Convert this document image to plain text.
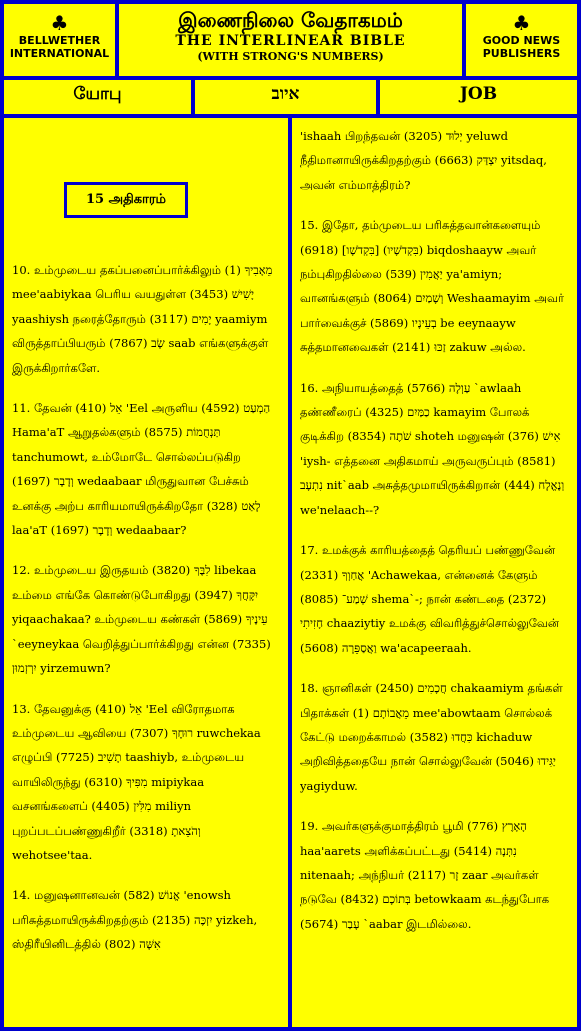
♣
BELLWETHER INTERNATIONAL
இணைநிலை வேதாகமம்
THE INTERLINEAR BIBLE
(WITH STRONG'S NUMBERS)
♣
GOOD NEWS PUBLISHERS
யோபு	איוב	JOB
15 அதிகாரம்
10. உம்முடைய தகப்பனைப்பார்க்கிலும் (1) מֵאָבִיךָ mee'aabiykaa பெரிய வயதுள்ள (3453) יָשִׁישׁ yaashiysh நரைத்தோரும் (3117) יָמִים yaamiym விருத்தாப்பியரும் (7867) שָׂב saab எங்களுக்குள் இருக்கிறார்களே.
11. தேவன் (410) אֵל 'Eel அருளிய (4592) הַמְעַט Hama'aT ஆறுதல்களும் (8575) תַּנְחֻמוֹת tanchumowt, உம்மோடே சொல்லப்படுகிற (1697) וְדָבָר wedaabaar மிருதுவான பேச்சும் உனக்கு அற்ப காரியமாயிருக்கிறதோ (328) לָאַט laa'aT (1697) וְדָבָר wedaabaar?
12. உம்முடைய இருதயம் (3820) לִבֶּךָ libekaa உம்மை எங்கே கொண்டுபோகிறது (3947) יִקָּחֲךָ yiqaachakaa? உம்முடைய கண்கள் (5869) עֵינֶיךָ `eeyneykaa வெறித்துப்பார்க்கிறது என்ன (7335) יִרְזְמוּן yirzemuwn?
13. தேவனுக்கு (410) אֵל 'Eel விரோதமாக உம்முடைய ஆவியை (7307) רוּחֶךָ ruwchekaa எழுப்பி (7725) תָשִׁיב taashiyb, உம்முடைய வாயிலிருந்து (6310) מִפִּיךָ mipiykaa வசனங்களைப் (4405) מִלִּין miliyn புறப்படப்பண்ணுகிறீர் (3318) וְהֹצֵאתָ wehotsee'taa.
14. மனுஷனானவன் (582) אֱנוֹשׁ 'enowsh பரிசுத்தமாயிருக்கிறதற்கும் (2135) יִזְכֶּה yizkeh, ஸ்திரீயினிடத்தில் (802) אִשָּׁה
'ishaah பிறந்தவன் (3205) יְלוּד yeluwd நீதிமானாயிருக்கிறதற்கும் (6663) יִצְדַּק yitsdaq, அவன் எம்மாத்திரம்?
15. இதோ, தம்முடைய பரிசுத்தவான்களையும் (6918) [בִּקְדֹשָׁו] (בִּקְדֹשָׁיו) biqdoshaayw அவர் நம்புகிறதில்லை (539) יַאֲמִין ya'amiyn; வானங்களும் (8064) וְשָׁמַיִם Weshaamayim அவர் பார்வைக்குச் (5869) בְעֵינָיו be eeynaayw சுத்தமானவைகள் (2141) זַכּוּ zakuw அல்ல.
16. அநியாயத்தைத் (5766) עַוְלָה `awlaah தண்ணீரைப் (4325) כַמַּיִם kamayim போலக் குடிக்கிற (8354) שֹׁתֶה shoteh மனுஷன் (376) אִישׁ 'iysh- எத்தனை அதிகமாய் அருவருப்பும் (8581) נִתְעָב nit`aab அசுத்தமுமாயிருக்கிறான் (444) וְנֶאֱלָח we'nelaach--?
17. உமக்குக் காரியத்தைத் தெரியப் பண்ணுவேன் (2331) אֲחַוְךָ 'Achawekaa, என்னைக் கேளும் (8085) שְׁמַע־ shema`-; நான் கண்டதை (2372) חָזִיתִי chaaziytiy உமக்கு விவரித்துச்சொல்லுவேன் (5608) וַאֲסַפֵּרָה wa'acapeeraah.
18. ஞானிகள் (2450) חֲכָמִים chakaamiym தங்கள் பிதாக்கள் (1) מֵאֲבוֹתָם mee'abowtaam சொல்லக் கேட்டு மறைக்காமல் (3582) כִּחֲדוּ kichaduw அறிவித்ததையே நான் சொல்லுவேன் (5046) יַגִּידוּ yagiyduw.
19. அவர்களுக்குமாத்திரம் பூமி (776) הָאָרֶץ haa'aarets அளிக்கப்பட்டது (5414) נִתְּנָה nitenaah; அந்நியர் (2117) זָר zaar அவர்கள் நடுவே (8432) בְּתוֹכָם betowkaam கடந்துபோக (5674) עָבַר `aabar இடமில்லை.
